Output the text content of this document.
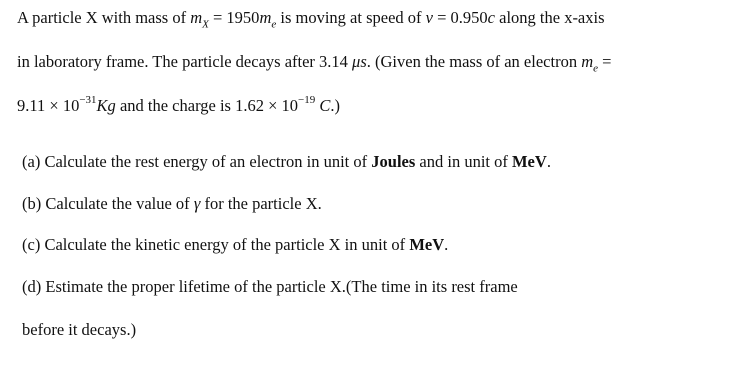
A particle X with mass of $m_X = 1950m_e$ is moving at speed of v = 0.950c along the x-axis
in laboratory frame. The particle decays after 3.14 μs. (Given the mass of an electron $m_e$ =
$9.11 \times 10^{-31}Kg$ and the charge is $1.62 \times 10^{-19}$ C.)
(a) Calculate the rest energy of an electron in unit of Joules and in unit of MeV.
(b) Calculate the value of γ for the particle X.
(c) Calculate the kinetic energy of the particle X in unit of MeV.
(d) Estimate the proper lifetime of the particle X.(The time in its rest frame
before it decays.)
